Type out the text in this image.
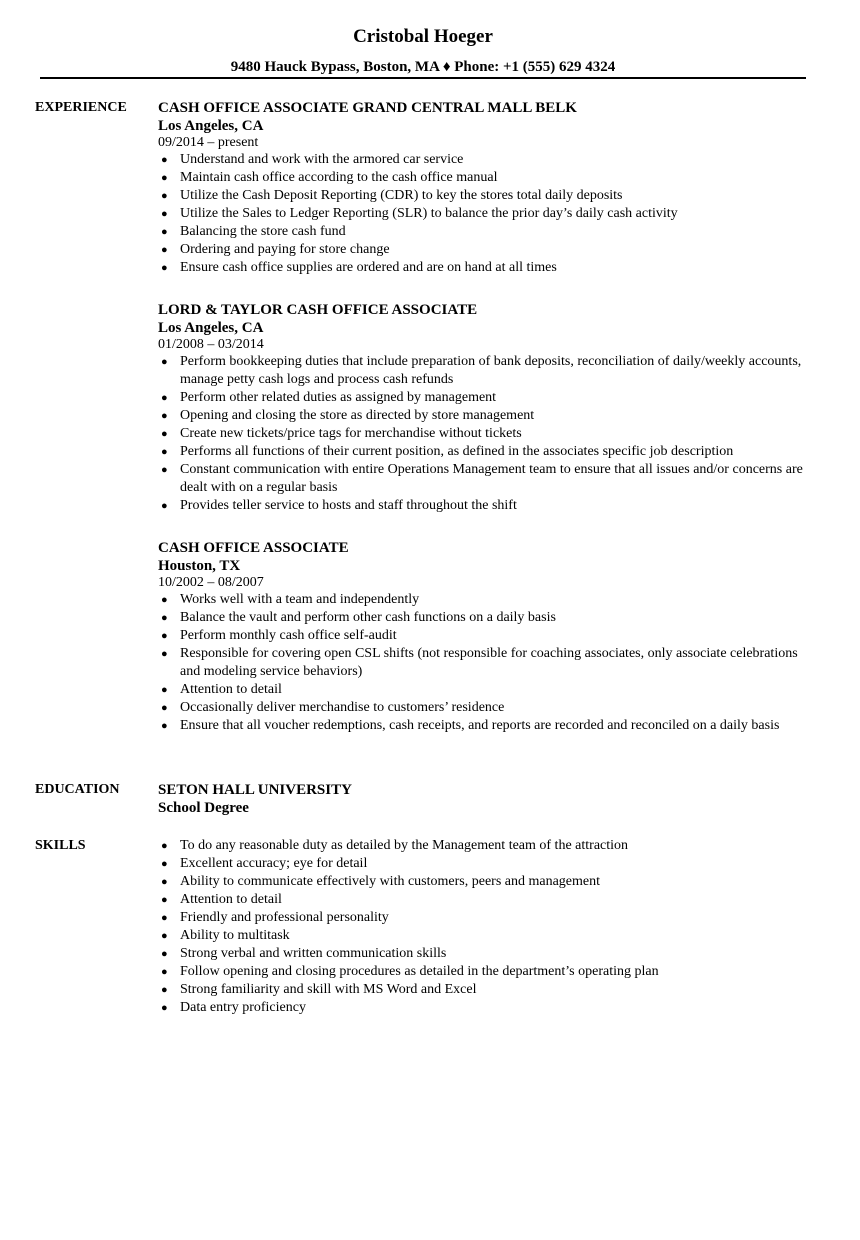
Cristobal Hoeger
9480 Hauck Bypass, Boston, MA ♦ Phone: +1 (555) 629 4324
EXPERIENCE CASH OFFICE ASSOCIATE GRAND CENTRAL MALL BELK
Los Angeles, CA
09/2014 – present
● Understand and work with the armored car service
● Maintain cash office according to the cash office manual
● Utilize the Cash Deposit Reporting (CDR) to key the stores total daily deposits
● Utilize the Sales to Ledger Reporting (SLR) to balance the prior day’s daily cash activity
● Balancing the store cash fund
● Ordering and paying for store change
● Ensure cash office supplies are ordered and are on hand at all times
LORD & TAYLOR CASH OFFICE ASSOCIATE
Los Angeles, CA
01/2008 – 03/2014
● Perform bookkeeping duties that include preparation of bank deposits, reconciliation of daily/weekly accounts, manage petty cash logs and process cash refunds
● Perform other related duties as assigned by management
● Opening and closing the store as directed by store management
● Create new tickets/price tags for merchandise without tickets
● Performs all functions of their current position, as defined in the associates specific job description
● Constant communication with entire Operations Management team to ensure that all issues and/or concerns are dealt with on a regular basis
● Provides teller service to hosts and staff throughout the shift
CASH OFFICE ASSOCIATE
Houston, TX
10/2002 – 08/2007
● Works well with a team and independently
● Balance the vault and perform other cash functions on a daily basis
● Perform monthly cash office self-audit
● Responsible for covering open CSL shifts (not responsible for coaching associates, only associate celebrations and modeling service behaviors)
● Attention to detail
● Occasionally deliver merchandise to customers’ residence
● Ensure that all voucher redemptions, cash receipts, and reports are recorded and reconciled on a daily basis
EDUCATION	SETON HALL UNIVERSITY
School Degree
SKILLS	● To do any reasonable duty as detailed by the Management team of the attraction
● Excellent accuracy; eye for detail
● Ability to communicate effectively with customers, peers and management
● Attention to detail
● Friendly and professional personality
● Ability to multitask
● Strong verbal and written communication skills
● Follow opening and closing procedures as detailed in the department’s operating plan
● Strong familiarity and skill with MS Word and Excel
● Data entry proficiency
